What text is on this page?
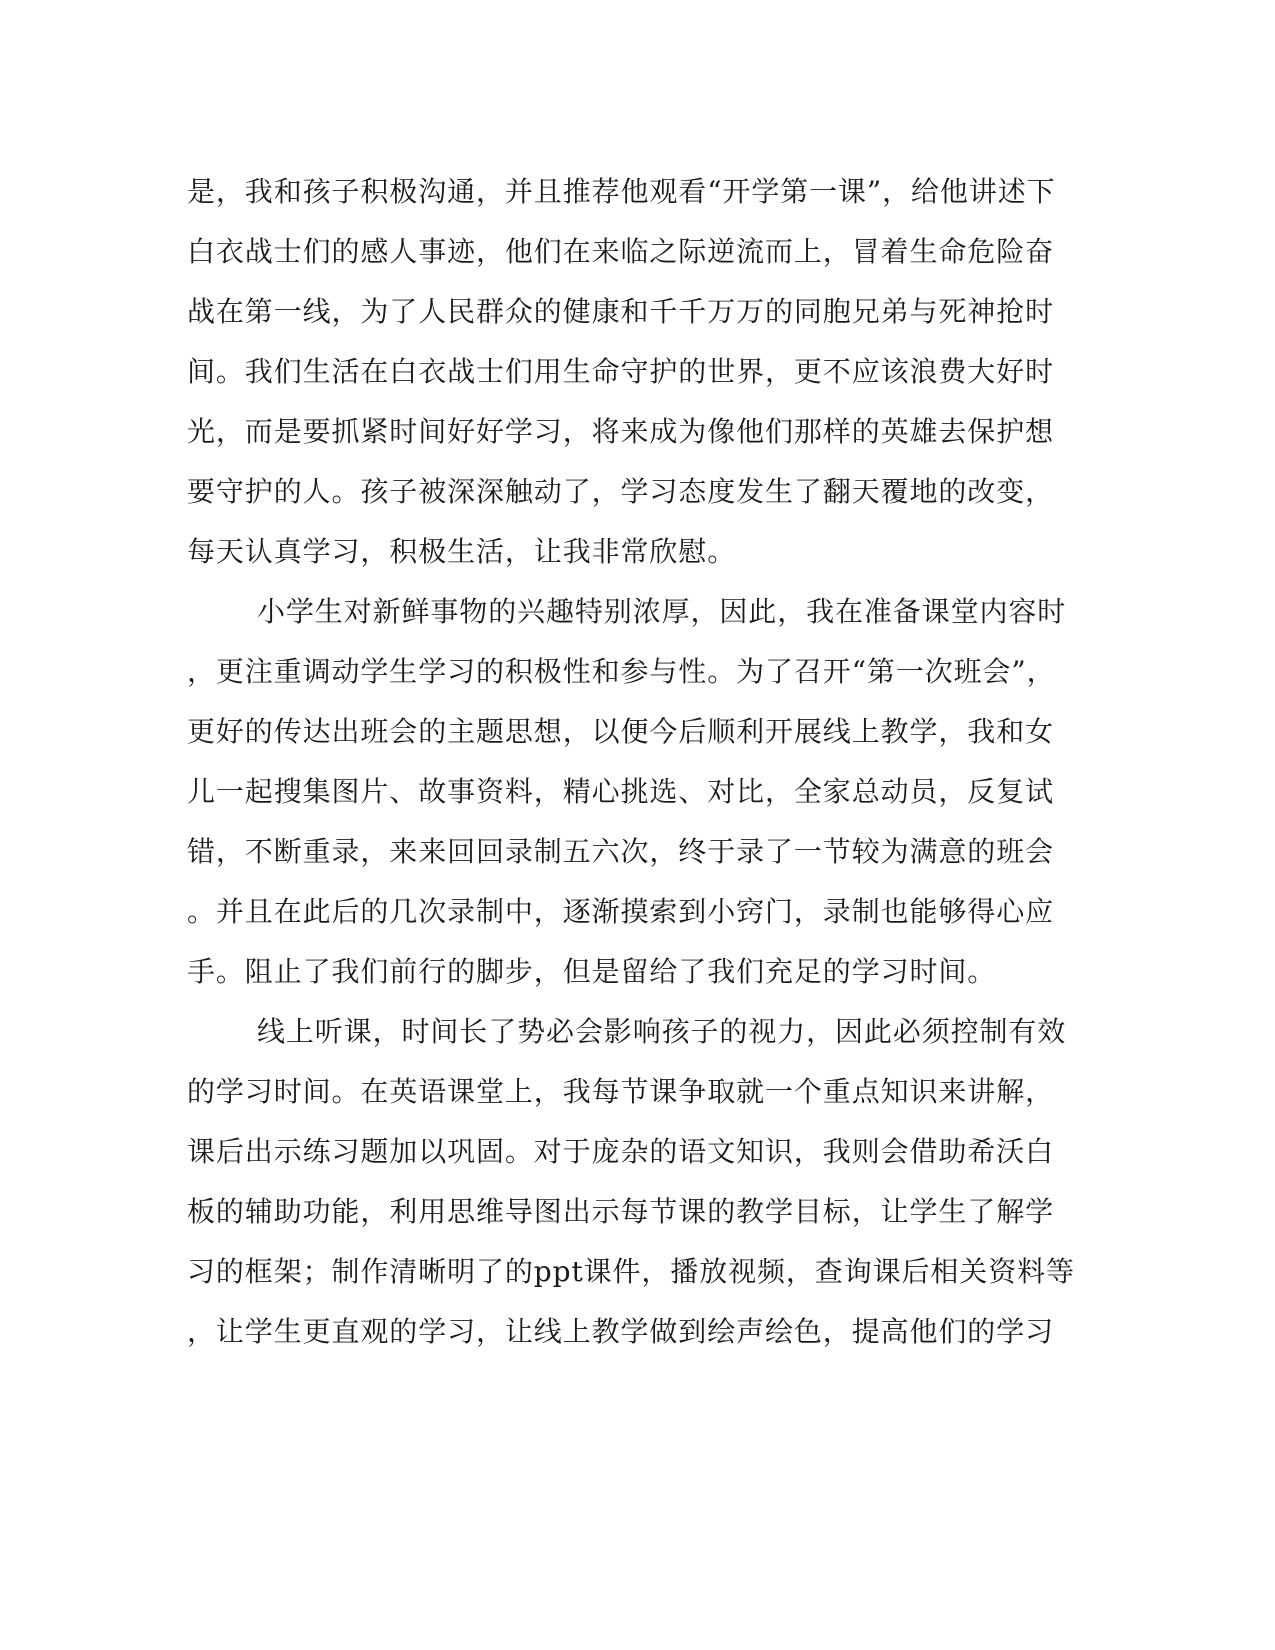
是，我和孩子积极沟通，并且推荐他观看“开学第一课”，给他讲述下
白衣战士们的感人事迹，他们在来临之际逆流而上，冒着生命危险奋
战在第一线，为了人民群众的健康和千千万万的同胞兄弟与死神抢时
间。我们生活在白衣战士们用生命守护的世界，更不应该浪费大好时
光，而是要抓紧时间好好学习，将来成为像他们那样的英雄去保护想
要守护的人。孩子被深深触动了，学习态度发生了翻天覆地的改变，
每天认真学习，积极生活，让我非常欣慰。
小学生对新鲜事物的兴趣特别浓厚，因此，我在准备课堂内容时
，更注重调动学生学习的积极性和参与性。为了召开“第一次班会”，
更好的传达出班会的主题思想，以便今后顺利开展线上教学，我和女
儿一起搜集图片、故事资料，精心挑选、对比，全家总动员，反复试
错，不断重录，来来回回录制五六次，终于录了一节较为满意的班会
。并且在此后的几次录制中，逐渐摸索到小窍门，录制也能够得心应
手。阻止了我们前行的脚步，但是留给了我们充足的学习时间。
线上听课，时间长了势必会影响孩子的视力，因此必须控制有效
的学习时间。在英语课堂上，我每节课争取就一个重点知识来讲解，
课后出示练习题加以巩固。对于庞杂的语文知识，我则会借助希沃白
板的辅助功能，利用思维导图出示每节课的教学目标，让学生了解学
习的框架；制作清晰明了的ppt课件，播放视频，查询课后相关资料等
，让学生更直观的学习，让线上教学做到绘声绘色，提高他们的学习
